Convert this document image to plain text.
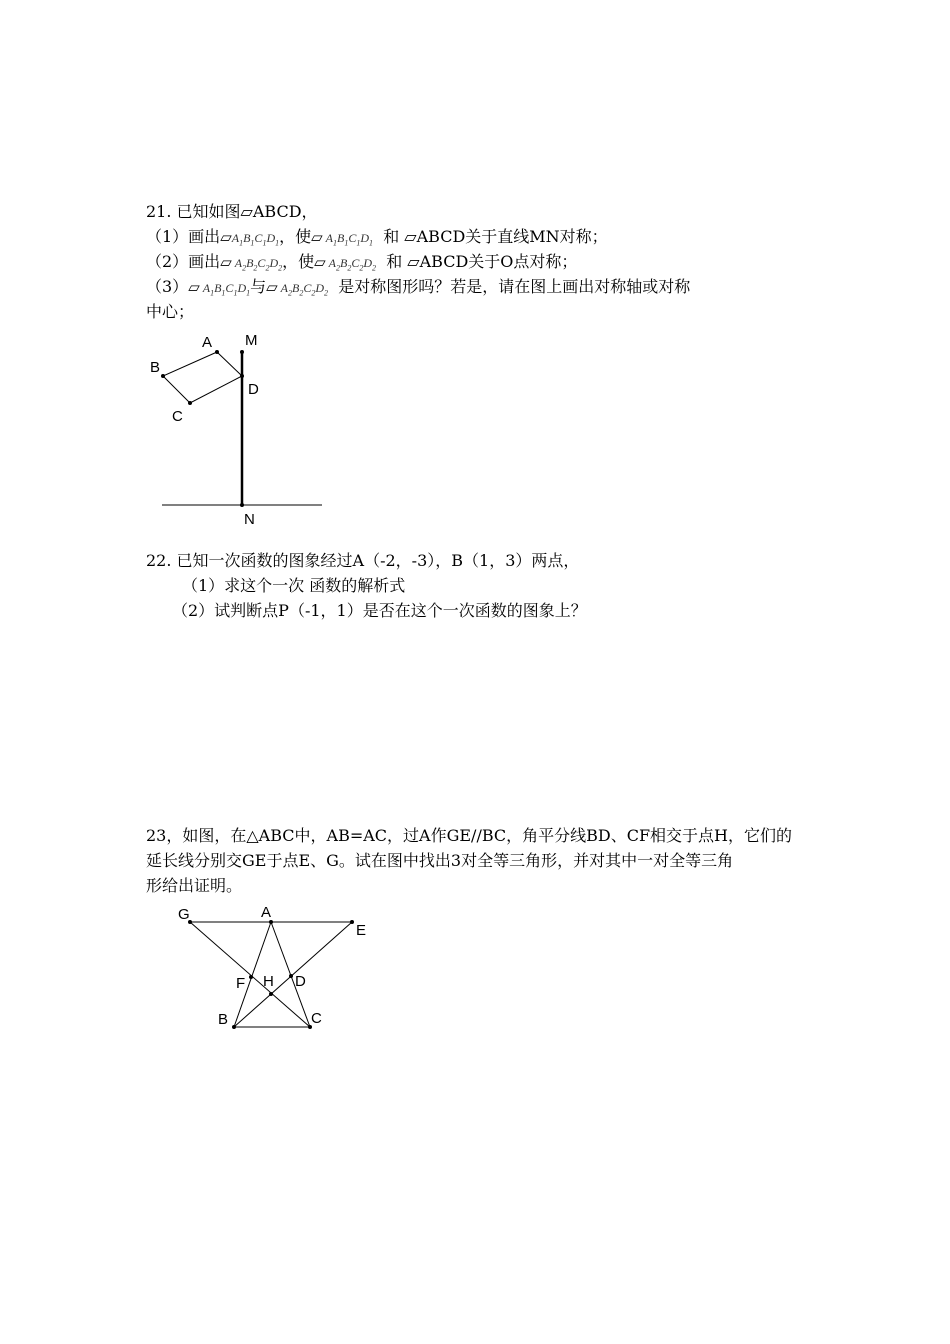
21. 已知如图▱ABCD，
（1）画出$▱A_1B_1C_1D_1$，使▱ $A_1B_1C_1D_1$ 和 ▱ABCD关于直线MN对称；
（2）画出▱ $A_2B_2C_2D_2$，使▱ $A_2B_2C_2D_2$ 和 ▱ABCD关于O点对称；
（3）▱ $A_1B_1C_1D_1$与▱ $A_2B_2C_2D_2$ 是对称图形吗？若是，请在图上画出对称轴或对称
中心；
M
A
B
D
C
N
22. 已知一次函数的图象经过A（-2，-3），B（1，3）两点，
（1）求这个一次 函数的解析式
（2）试判断点P（-1，1）是否在这个一次函数的图象上？
23，如图，在△ABC中，AB=AC，过A作GE//BC，角平分线BD、CF相交于点H，它们的
延长线分别交GE于点E、G。试在图中找出3对全等三角形，并对其中一对全等三角
形给出证明。
G	A
E
F H D
B	C
